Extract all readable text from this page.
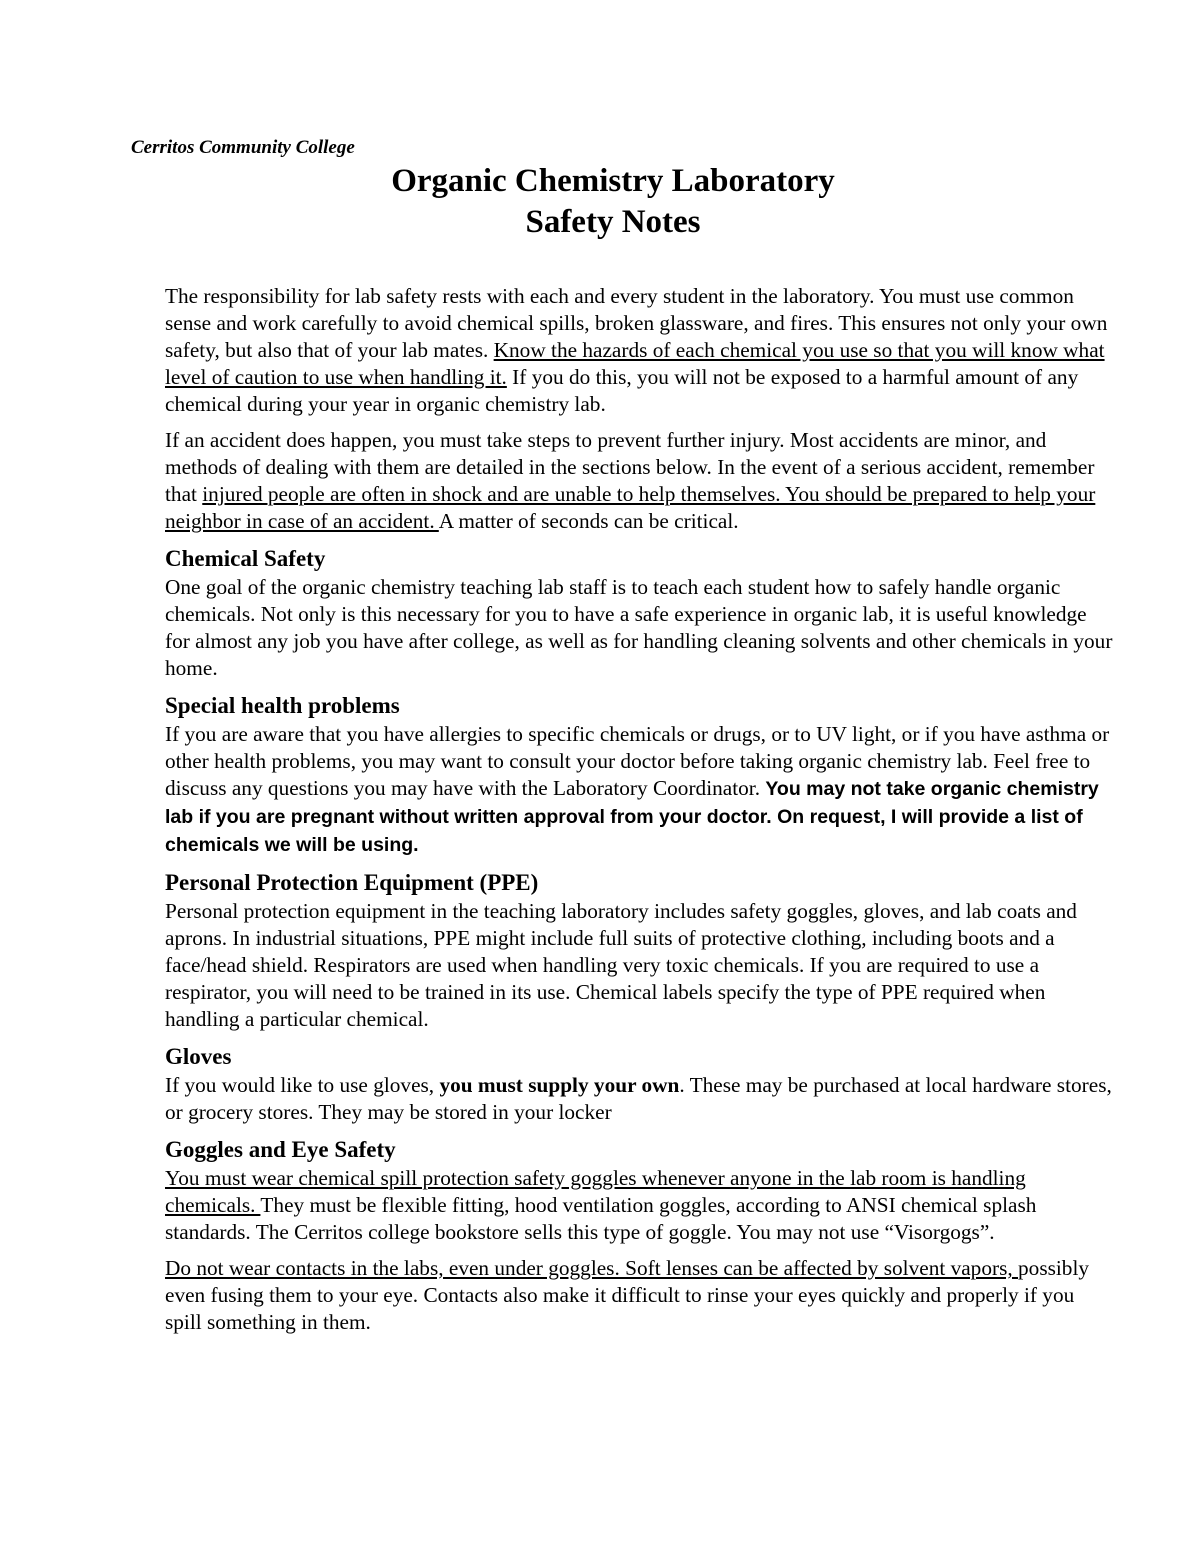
Cerritos Community College

Organic Chemistry Laboratory
Safety Notes

The responsibility for lab safety rests with each and every student in the laboratory. You must use common sense and work carefully to avoid chemical spills, broken glassware, and fires. This ensures not only your own safety, but also that of your lab mates. Know the hazards of each chemical you use so that you will know what level of caution to use when handling it. If you do this, you will not be exposed to a harmful amount of any chemical during your year in organic chemistry lab.

If an accident does happen, you must take steps to prevent further injury. Most accidents are minor, and methods of dealing with them are detailed in the sections below. In the event of a serious accident, remember that injured people are often in shock and are unable to help themselves. You should be prepared to help your neighbor in case of an accident. A matter of seconds can be critical.

Chemical Safety

One goal of the organic chemistry teaching lab staff is to teach each student how to safely handle organic chemicals. Not only is this necessary for you to have a safe experience in organic lab, it is useful knowledge for almost any job you have after college, as well as for handling cleaning solvents and other chemicals in your home.

Special health problems

If you are aware that you have allergies to specific chemicals or drugs, or to UV light, or if you have asthma or other health problems, you may want to consult your doctor before taking organic chemistry lab. Feel free to discuss any questions you may have with the Laboratory Coordinator. You may not take organic chemistry lab if you are pregnant without written approval from your doctor. On request, I will provide a list of chemicals we will be using.

Personal Protection Equipment (PPE)

Personal protection equipment in the teaching laboratory includes safety goggles, gloves, and lab coats and aprons. In industrial situations, PPE might include full suits of protective clothing, including boots and a face/head shield. Respirators are used when handling very toxic chemicals. If you are required to use a respirator, you will need to be trained in its use. Chemical labels specify the type of PPE required when handling a particular chemical.

Gloves

If you would like to use gloves, you must supply your own. These may be purchased at local hardware stores, or grocery stores. They may be stored in your locker

Goggles and Eye Safety

You must wear chemical spill protection safety goggles whenever anyone in the lab room is handling chemicals. They must be flexible fitting, hood ventilation goggles, according to ANSI chemical splash standards. The Cerritos college bookstore sells this type of goggle. You may not use “Visorgogs”.

Do not wear contacts in the labs, even under goggles. Soft lenses can be affected by solvent vapors, possibly even fusing them to your eye. Contacts also make it difficult to rinse your eyes quickly and properly if you spill something in them.
